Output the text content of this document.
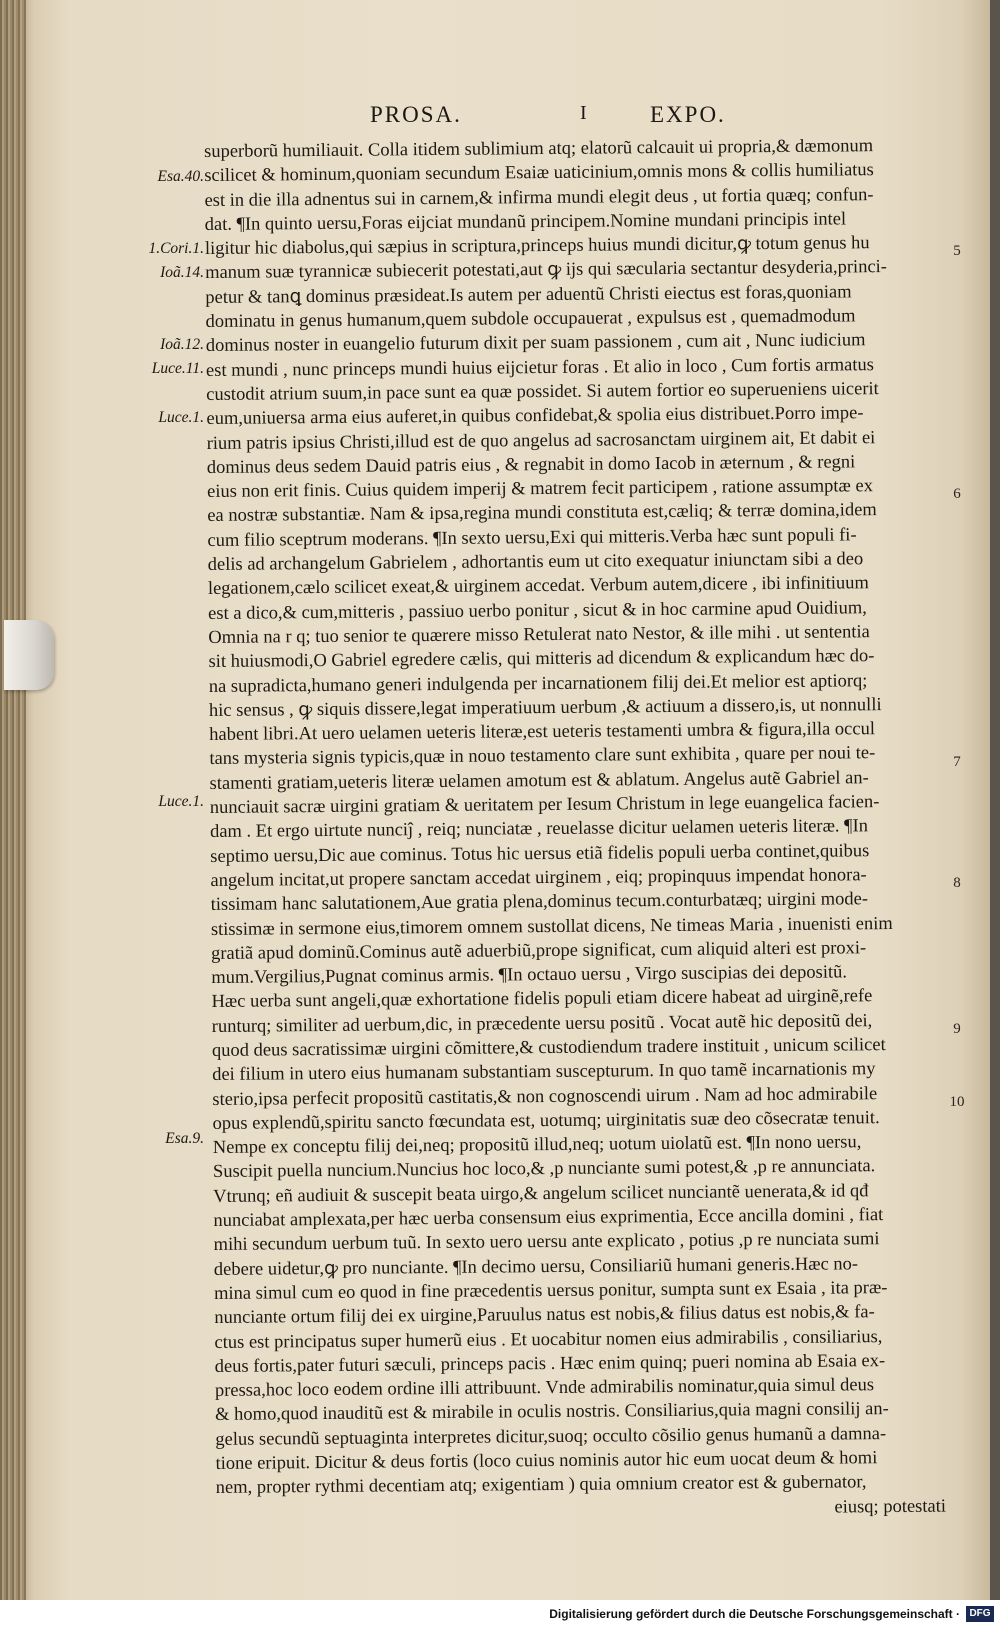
PROSA.	I	EXPO.
Esa.40.
1.Cori.1.
Ioã.14.
Ioã.12.
Luce.11.
Luce.1.
Luce.1.
Esa.9.
5
6
7
8
9
10
superborũ humiliauit. Colla itidem sublimium atq; elatorũ calcauit ui propria,& dæmonum
scilicet & hominum,quoniam secundum Esaiæ uaticinium,omnis mons & collis humiliatus
est in die illa adnentus sui in carnem,& infirma mundi elegit deus , ut fortia quæq; confun-
dat. ¶In quinto uersu,Foras eijciat mundanũ principem.Nomine mundani principis intel
ligitur hic diabolus,qui sæpius in scriptura,princeps huius mundi dicitur,ꝙ totum genus hu
manum suæ tyrannicæ subiecerit potestati,aut ꝙ ijs qui sæcularia sectantur desyderia,princi-
petur & tanꝗ dominus præsideat.Is autem per aduentũ Christi eiectus est foras,quoniam
dominatu in genus humanum,quem subdole occupauerat , expulsus est , quemadmodum
dominus noster in euangelio futurum dixit per suam passionem , cum ait , Nunc iudicium
est mundi , nunc princeps mundi huius eijcietur foras . Et alio in loco , Cum fortis armatus
custodit atrium suum,in pace sunt ea quæ possidet. Si autem fortior eo superueniens uicerit
eum,uniuersa arma eius auferet,in quibus confidebat,& spolia eius distribuet.Porro impe-
rium patris ipsius Christi,illud est de quo angelus ad sacrosanctam uirginem ait, Et dabit ei
dominus deus sedem Dauid patris eius , & regnabit in domo Iacob in æternum , & regni
eius non erit finis. Cuius quidem imperij & matrem fecit participem , ratione assumptæ ex
ea nostræ substantiæ. Nam & ipsa,regina mundi constituta est,cæliq; & terræ domina,idem
cum filio sceptrum moderans. ¶In sexto uersu,Exi qui mitteris.Verba hæc sunt populi fi-
delis ad archangelum Gabrielem , adhortantis eum ut cito exequatur iniunctam sibi a deo
legationem,cælo scilicet exeat,& uirginem accedat. Verbum autem,dicere , ibi infinitiuum
est a dico,& cum,mitteris , passiuo uerbo ponitur , sicut & in hoc carmine apud Ouidium,
Omnia na r q; tuo senior te quærere misso Retulerat nato Nestor, & ille mihi . ut sententia
sit huiusmodi,O Gabriel egredere cælis, qui mitteris ad dicendum & explicandum hæc do-
na supradicta,humano generi indulgenda per incarnationem filij dei.Et melior est aptiorq;
hic sensus , ꝙ siquis dissere,legat imperatiuum uerbum ,& actiuum a dissero,is, ut nonnulli
habent libri.At uero uelamen ueteris literæ,est ueteris testamenti umbra & figura,illa occul
tans mysteria signis typicis,quæ in nouo testamento clare sunt exhibita , quare per noui te-
stamenti gratiam,ueteris literæ uelamen amotum est & ablatum. Angelus autẽ Gabriel an-
nunciauit sacræ uirgini gratiam & ueritatem per Iesum Christum in lege euangelica facien-
dam . Et ergo uirtute nunciĵ , reiq; nunciatæ , reuelasse dicitur uelamen ueteris literæ. ¶In
septimo uersu,Dic aue cominus. Totus hic uersus etiã fidelis populi uerba continet,quibus
angelum incitat,ut propere sanctam accedat uirginem , eiq; propinquus impendat honora-
tissimam hanc salutationem,Aue gratia plena,dominus tecum.conturbatæq; uirgini mode-
stissimæ in sermone eius,timorem omnem sustollat dicens, Ne timeas Maria , inuenisti enim
gratiã apud dominũ.Cominus autẽ aduerbiũ,prope significat, cum aliquid alteri est proxi-
mum.Vergilius,Pugnat cominus armis. ¶In octauo uersu , Virgo suscipias dei depositũ.
Hæc uerba sunt angeli,quæ exhortatione fidelis populi etiam dicere habeat ad uirginẽ,refe
runturq; similiter ad uerbum,dic, in præcedente uersu positũ . Vocat autẽ hic depositũ dei,
quod deus sacratissimæ uirgini cõmittere,& custodiendum tradere instituit , unicum scilicet
dei filium in utero eius humanam substantiam suscepturum. In quo tamẽ incarnationis my
sterio,ipsa perfecit propositũ castitatis,& non cognoscendi uirum . Nam ad hoc admirabile
opus explendũ,spiritu sancto fœcundata est, uotumq; uirginitatis suæ deo cõsecratæ tenuit.
Nempe ex conceptu filij dei,neq; propositũ illud,neq; uotum uiolatũ est. ¶In nono uersu,
Suscipit puella nuncium.Nuncius hoc loco,& ,p nunciante sumi potest,& ,p re annunciata.
Vtrunq; eñ audiuit & suscepit beata uirgo,& angelum scilicet nunciantẽ uenerata,& id qđ
nunciabat amplexata,per hæc uerba consensum eius exprimentia, Ecce ancilla domini , fiat
mihi secundum uerbum tuũ. In sexto uero uersu ante explicato , potius ,p re nunciata sumi
debere uidetur,ꝙ pro nunciante. ¶In decimo uersu, Consiliariũ humani generis.Hæc no-
mina simul cum eo quod in fine præcedentis uersus ponitur, sumpta sunt ex Esaia , ita præ-
nunciante ortum filij dei ex uirgine,Paruulus natus est nobis,& filius datus est nobis,& fa-
ctus est principatus super humerũ eius . Et uocabitur nomen eius admirabilis , consiliarius,
deus fortis,pater futuri sæculi, princeps pacis . Hæc enim quinq; pueri nomina ab Esaia ex-
pressa,hoc loco eodem ordine illi attribuunt. Vnde admirabilis nominatur,quia simul deus
& homo,quod inauditũ est & mirabile in oculis nostris. Consiliarius,quia magni consilij an-
gelus secundũ septuaginta interpretes dicitur,suoq; occulto cõsilio genus humanũ a damna-
tione eripuit. Dicitur & deus fortis (loco cuius nominis autor hic eum uocat deum & homi
nem, propter rythmi decentiam atq; exigentiam ) quia omnium creator est & gubernator,
eiusq; potestati
Digitalisierung gefördert durch die Deutsche Forschungsgemeinschaft · DFG
